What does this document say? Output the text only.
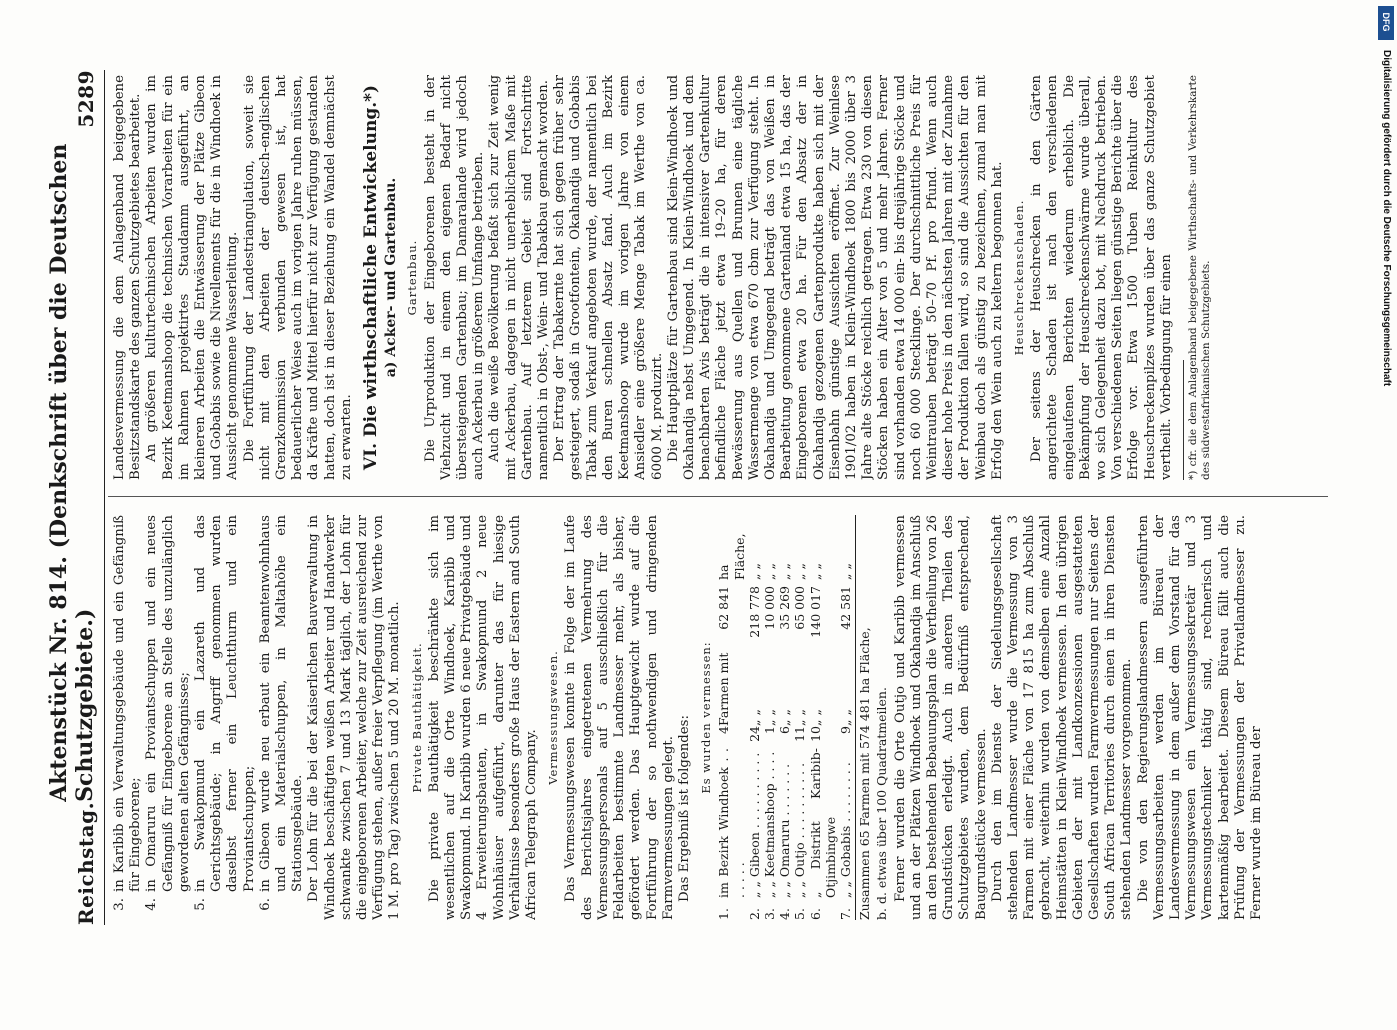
Reichstag.
Aktenstück Nr. 814. (Denkschrift über die Deutschen Schutzgebiete.)
5289
3.
in Karibib ein Verwaltungsgebäude und ein Gefängniß für Eingeborene;
4.
in Omaruru ein Proviantschuppen und ein neues Gefängniß für Eingeborene an Stelle des unzulänglich gewordenen alten Gefängnisses;
5.
in Swakopmund ein Lazareth und das Gerichtsgebäude; in Angriff genommen wurden daselbst ferner ein Leuchtthurm und ein Proviantschuppen;
6.
in Gibeon wurde neu erbaut ein Beamtenwohnhaus und ein Materialschuppen, in Maltahöhe ein Stationsgebäude. Der Lohn für die bei der Kaiserlichen Bauverwaltung in Windhoek beschäftigten weißen Arbeiter und Handwerker schwankte zwischen 7 und 13 Mark täglich, der Lohn für die eingeborenen Arbeiter, welche zur Zeit ausreichend zur Verfügung stehen, außer freier Verpflegung (im Werthe von 1 M. pro Tag) zwischen 5 und 20 M. monatlich. Private Bauthätigkeit. Die private Bauthätigkeit beschränkte sich im wesentlichen auf die Orte Windhoek, Karibib und Swakopmund. In Karibib wurden 6 neue Privatgebäude und 4 Erweiterungsbauten, in Swakopmund 2 neue Wohnhäuser aufgeführt, darunter das für hiesige Verhältnisse besonders große Haus der Eastern and South African Telegraph Company.

Vermessungswesen. Das Vermessungswesen konnte in Folge der im Laufe des Berichtsjahres eingetretenen Vermehrung des Vermessungspersonals auf 5 ausschließlich für die Feldarbeiten bestimmte Landmesser mehr, als bisher, gefördert werden. Das Hauptgewicht wurde auf die Fortführung der so nothwendigen und dringenden Farmvermessungen gelegt. Das Ergebniß ist folgendes: Es wurden vermessen:
1.
im Bezirk Windhoek . . . . . . .
4
Farmen mit
62 841
ha Fläche,
2.
„ „ Gibeon . . . . . . . . . .
24
„ „
218 778
„ „
3.
„ „ Keetmanshoop . . . .
1
„ „
10 000
„ „
4.
„ „ Omaruru . . . . . . .
6
„ „
35 269
„ „
5.
„ „ Outjo . . . . . . . . . .
11
„ „
65 000
„ „
6.
„ Distrikt Karibib-Otjimbingwe
10
„ „
140 017
„ „
7.
„ „ Gobabis . . . . . . . .
9
„ „
42 581
„ „
Zusammen 65 Farmen mit 574 481 ha Fläche, b. d. etwas über 100 Quadratmeilen. Ferner wurden die Orte Outjo und Karibib vermessen und an der Plätzen Windhoek und Okahandja im Anschluß an den bestehenden Bebauungsplan die Vertheilung von 26 Grundstücken erledigt. Auch in anderen Theilen des Schutzgebietes wurden, dem Bedürfniß entsprechend, Baugrundstücke vermessen. Durch den im Dienste der Siedelungsgesellschaft stehenden Landmesser wurde die Vermessung von 3 Farmen mit einer Fläche von 17 815 ha zum Abschluß gebracht, weiterhin wurden von demselben eine Anzahl Heimstätten in Klein-Windhoek vermessen. In den übrigen Gebieten der mit Landkonzessionen ausgestatteten Gesellschaften wurden Farmvermessungen nur Seitens der South African Territories durch einen in ihren Diensten stehenden Landmesser vorgenommen. Die von den Regierungslandmessern ausgeführten Vermessungsarbeiten werden im Büreau der Landesvermessung in dem außer dem Vorstand für das Vermessungswesen ein Vermessungssekretär und 3 Vermessungstechniker thätig sind, rechnerisch und kartenmäßig bearbeitet. Diesem Büreau fällt auch die Prüfung der Vermessungen der Privatlandmesser zu. Ferner wurde im Büreau der

Landesvermessung die dem Anlagenband beigegebene Besitzstandskarte des ganzen Schutzgebietes bearbeitet. An größeren kulturtechnischen Arbeiten wurden im Bezirk Keetmanshoop die technischen Vorarbeiten für ein im Rahmen projektirtes Staudamm ausgeführt, an kleineren Arbeiten die Entwässerung der Plätze Gibeon und Gobabis sowie die Nivellements für die in Windhoek in Aussicht genommene Wasserleitung. Die Fortführung der Landestriangulation, soweit sie nicht mit den Arbeiten der deutsch-englischen Grenzkommission verbunden gewesen ist, hat bedauerlicher Weise auch im vorigen Jahre ruhen müssen, da Kräfte und Mittel hierfür nicht zur Verfügung gestanden hatten, doch ist in dieser Beziehung ein Wandel demnächst zu erwarten. VI. Die wirthschaftliche Entwickelung.*) a) Acker- und Gartenbau. Gartenbau. Die Urproduktion der Eingeborenen besteht in der Viehzucht und in einem den eigenen Bedarf nicht übersteigenden Gartenbau; im Damaralande wird jedoch auch Ackerbau in größerem Umfange betrieben. Auch die weiße Bevölkerung befaßt sich zur Zeit wenig mit Ackerbau, dagegen in nicht unerheblichem Maße mit Gartenbau. Auf letzterem Gebiet sind Fortschritte namentlich in Obst-, Wein- und Tabakbau gemacht worden. Der Ertrag der Tabakernte hat sich gegen früher sehr gesteigert, sodaß in Grootfontein, Okahandja und Gobabis Tabak zum Verkauf angeboten wurde, der namentlich bei den Buren schnellen Absatz fand. Auch im Bezirk Keetmanshoop wurde im vorigen Jahre von einem Ansiedler eine größere Menge Tabak im Werthe von ca. 6000 M. produzirt. Die Hauptplätze für Gartenbau sind Klein-Windhoek und Okahandja nebst Umgegend. In Klein-Windhoek und dem benachbarten Avis beträgt die in intensiver Gartenkultur befindliche Fläche jetzt etwa 19–20 ha, für deren Bewässerung aus Quellen und Brunnen eine tägliche Wassermenge von etwa 670 cbm zur Verfügung steht. In Okahandja und Umgegend beträgt das von Weißen in Bearbeitung genommene Gartenland etwa 15 ha, das der Eingeborenen etwa 20 ha. Für den Absatz der in Okahandja gezogenen Gartenprodukte haben sich mit der Eisenbahn günstige Aussichten eröffnet. Zur Weinlese 1901/02 haben in Klein-Windhoek 1800 bis 2000 über 3 Jahre alte Stöcke reichlich getragen. Etwa 230 von diesen Stöcken haben ein Alter von 5 und mehr Jahren. Ferner sind vorhanden etwa 14 000 ein- bis dreijährige Stöcke und noch 60 000 Stecklinge. Der durchschnittliche Preis für Weintrauben beträgt 50–70 Pf. pro Pfund. Wenn auch dieser hohe Preis in den nächsten Jahren mit der Zunahme der Produktion fallen wird, so sind die Aussichten für den Weinbau doch als günstig zu bezeichnen, zumal man mit Erfolg den Wein auch zu keltern begonnen hat. Heuschreckenschaden. Der seitens der Heuschrecken in den Gärten angerichtete Schaden ist nach den verschiedenen eingelaufenen Berichten wiederum erheblich. Die Bekämpfung der Heuschreckenschwärme wurde überall, wo sich Gelegenheit dazu bot, mit Nachdruck betrieben. Von verschiedenen Seiten liegen günstige Berichte über die Erfolge vor. Etwa 1500 Tuben Reinkultur des Heuschreckenpilzes wurden über das ganze Schutzgebiet vertheilt. Vorbedingung für einen *) cfr. die dem Anlagenband beigegebene Wirthschafts- und Verkehrskarte des südwestafrikanischen Schutzgebiets.
DFG
Digitalisierung gefördert durch die Deutsche Forschungsgemeinschaft
